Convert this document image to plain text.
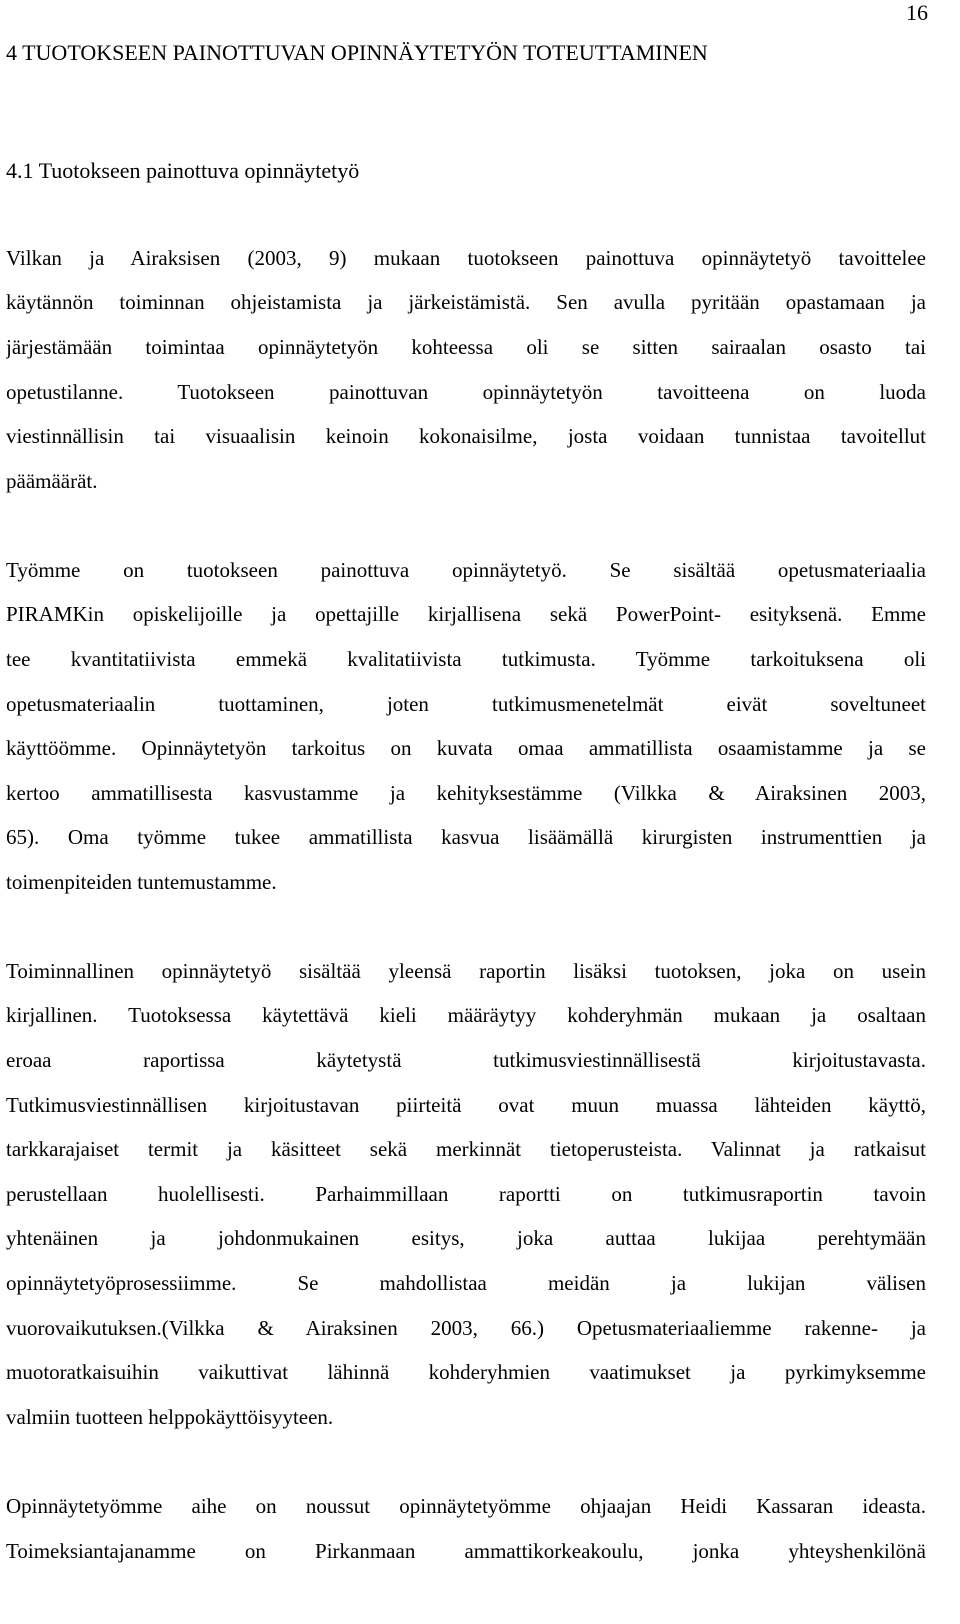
16
4 TUOTOKSEEN PAINOTTUVAN OPINNÄYTETYÖN TOTEUTTAMINEN
4.1 Tuotokseen painottuva opinnäytetyö
Vilkan ja Airaksisen (2003, 9) mukaan tuotokseen painottuva opinnäytetyö tavoittelee
käytännön toiminnan ohjeistamista ja järkeistämistä. Sen avulla pyritään opastamaan ja
järjestämään toimintaa opinnäytetyön kohteessa oli se sitten sairaalan osasto tai
opetustilanne. Tuotokseen painottuvan opinnäytetyön tavoitteena on luoda
viestinnällisin tai visuaalisin keinoin kokonaisilme, josta voidaan tunnistaa tavoitellut
päämäärät.
Työmme on tuotokseen painottuva opinnäytetyö. Se sisältää opetusmateriaalia
PIRAMKin opiskelijoille ja opettajille kirjallisena sekä PowerPoint- esityksenä. Emme
tee kvantitatiivista emmekä kvalitatiivista tutkimusta. Työmme tarkoituksena oli
opetusmateriaalin tuottaminen, joten tutkimusmenetelmät eivät soveltuneet
käyttöömme. Opinnäytetyön tarkoitus on kuvata omaa ammatillista osaamistamme ja se
kertoo ammatillisesta kasvustamme ja kehityksestämme (Vilkka & Airaksinen 2003,
65). Oma työmme tukee ammatillista kasvua lisäämällä kirurgisten instrumenttien ja
toimenpiteiden tuntemustamme.
Toiminnallinen opinnäytetyö sisältää yleensä raportin lisäksi tuotoksen, joka on usein
kirjallinen. Tuotoksessa käytettävä kieli määräytyy kohderyhmän mukaan ja osaltaan
eroaa raportissa käytetystä tutkimusviestinnällisestä kirjoitustavasta.
Tutkimusviestinnällisen kirjoitustavan piirteitä ovat muun muassa lähteiden käyttö,
tarkkarajaiset termit ja käsitteet sekä merkinnät tietoperusteista. Valinnat ja ratkaisut
perustellaan huolellisesti. Parhaimmillaan raportti on tutkimusraportin tavoin
yhtenäinen ja johdonmukainen esitys, joka auttaa lukijaa perehtymään
opinnäytetyöprosessiimme. Se mahdollistaa meidän ja lukijan välisen
vuorovaikutuksen.(Vilkka & Airaksinen 2003, 66.) Opetusmateriaaliemme rakenne- ja
muotoratkaisuihin vaikuttivat lähinnä kohderyhmien vaatimukset ja pyrkimyksemme
valmiin tuotteen helppokäyttöisyyteen.
Opinnäytetyömme aihe on noussut opinnäytetyömme ohjaajan Heidi Kassaran ideasta.
Toimeksiantajanamme on Pirkanmaan ammattikorkeakoulu, jonka yhteyshenkilönä
